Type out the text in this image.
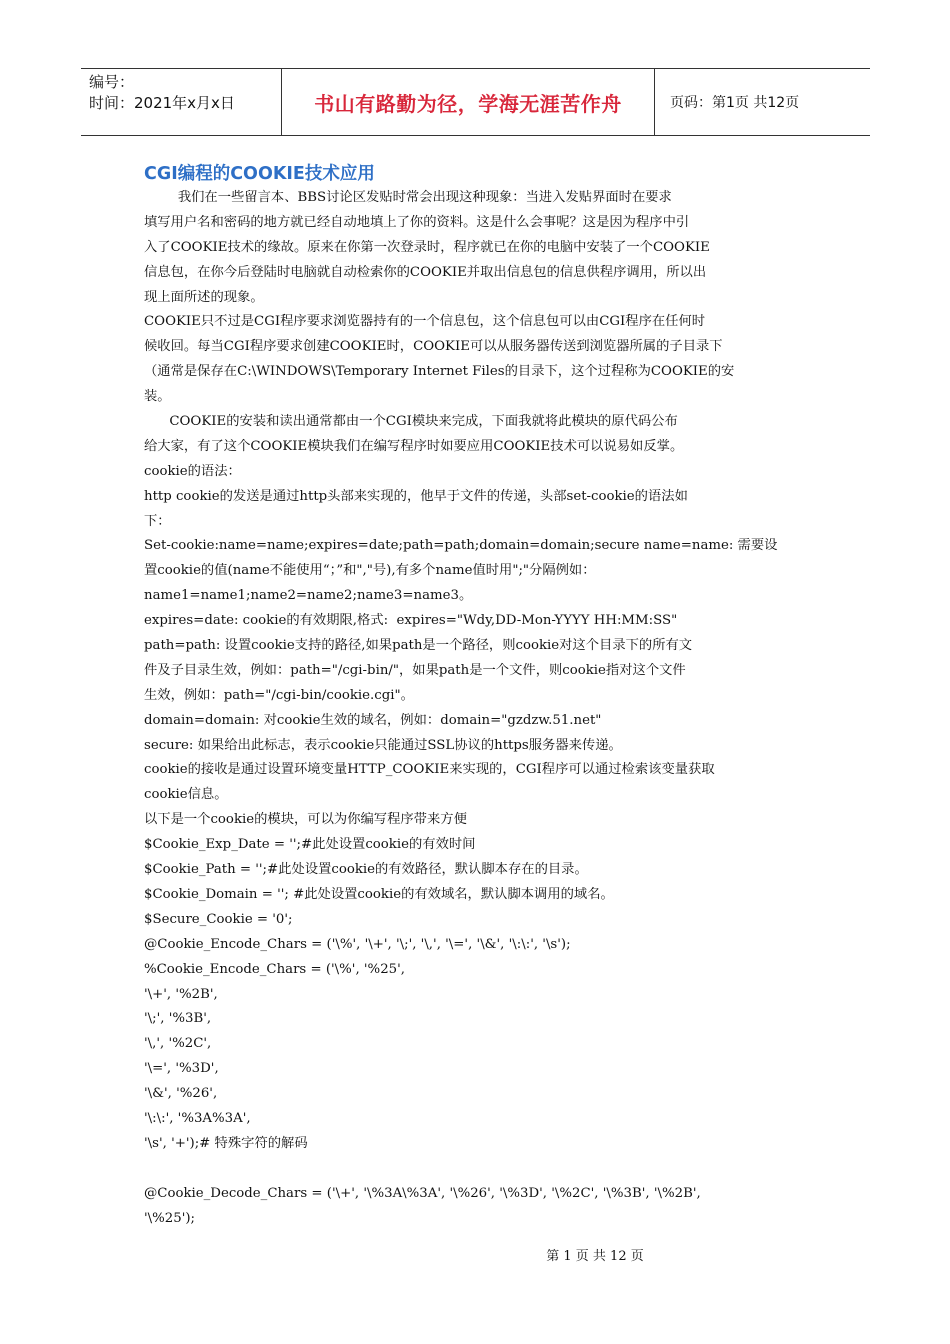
编号：
时间：2021年x月x日	书山有路勤为径，学海无涯苦作舟	页码：第1页 共12页
CGI编程的COOKIE技术应用
我们在一些留言本、BBS讨论区发贴时常会出现这种现象：当进入发贴界面时在要求
填写用户名和密码的地方就已经自动地填上了你的资料。这是什么会事呢？这是因为程序中引
入了COOKIE技术的缘故。原来在你第一次登录时，程序就已在你的电脑中安装了一个COOKIE
信息包，在你今后登陆时电脑就自动检索你的COOKIE并取出信息包的信息供程序调用，所以出
现上面所述的现象。
COOKIE只不过是CGI程序要求浏览器持有的一个信息包，这个信息包可以由CGI程序在任何时
候收回。每当CGI程序要求创建COOKIE时，COOKIE可以从服务器传送到浏览器所属的子目录下
（通常是保存在C:\WINDOWS\Temporary Internet Files的目录下，这个过程称为COOKIE的安
装。
COOKIE的安装和读出通常都由一个CGI模块来完成，下面我就将此模块的原代码公布
给大家，有了这个COOKIE模块我们在编写程序时如要应用COOKIE技术可以说易如反掌。
cookie的语法：
http cookie的发送是通过http头部来实现的，他早于文件的传递，头部set-cookie的语法如
下：
Set-cookie:name=name;expires=date;path=path;domain=domain;secure name=name: 需要设
置cookie的值(name不能使用“；”和","号),有多个name值时用";"分隔例如：
name1=name1;name2=name2;name3=name3。
expires=date: cookie的有效期限,格式:  expires="Wdy,DD-Mon-YYYY HH:MM:SS"
path=path: 设置cookie支持的路径,如果path是一个路径，则cookie对这个目录下的所有文
件及子目录生效，例如：path="/cgi-bin/"，如果path是一个文件，则cookie指对这个文件
生效，例如：path="/cgi-bin/cookie.cgi"。
domain=domain: 对cookie生效的域名，例如：domain="gzdzw.51.net"
secure: 如果给出此标志，表示cookie只能通过SSL协议的https服务器来传递。
cookie的接收是通过设置环境变量HTTP_COOKIE来实现的，CGI程序可以通过检索该变量获取
cookie信息。
以下是一个cookie的模块，可以为你编写程序带来方便
$Cookie_Exp_Date = '';#此处设置cookie的有效时间
$Cookie_Path = '';#此处设置cookie的有效路径，默认脚本存在的目录。
$Cookie_Domain = ''; #此处设置cookie的有效域名，默认脚本调用的域名。
$Secure_Cookie = '0';
@Cookie_Encode_Chars = ('\%', '\+', '\;', '\,', '\=', '\&', '\:\:', '\s');
%Cookie_Encode_Chars = ('\%', '%25',
'\+', '%2B',
'\;', '%3B',
'\,', '%2C',
'\=', '%3D',
'\&', '%26',
'\:\:', '%3A%3A',
'\s', '+');# 特殊字符的解码
@Cookie_Decode_Chars = ('\+', '\%3A\%3A', '\%26', '\%3D', '\%2C', '\%3B', '\%2B',
'\%25');
第 1 页 共 12 页
